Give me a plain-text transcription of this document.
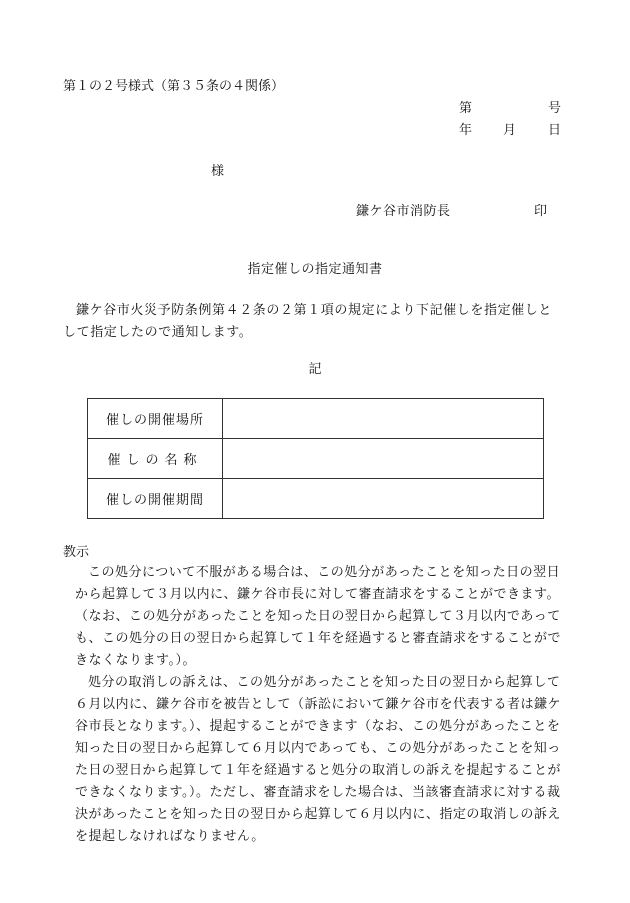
第１の２号様式（第３５条の４関係）
第	号
年 月 日
様
鎌ケ谷市消防長	印
指定催しの指定通知書
鎌ケ谷市火災予防条例第４２条の２第１項の規定により下記催しを指定催しとして指定したので通知します。
記
催しの開催場所	
催しの名称	
催しの開催期間	
教示
この処分について不服がある場合は、この処分があったことを知った日の翌日から起算して３月以内に、鎌ケ谷市長に対して審査請求をすることができます。（なお、この処分があったことを知った日の翌日から起算して３月以内であっても、この処分の日の翌日から起算して１年を経過すると審査請求をすることができなくなります。）。
処分の取消しの訴えは、この処分があったことを知った日の翌日から起算して６月以内に、鎌ケ谷市を被告として（訴訟において鎌ケ谷市を代表する者は鎌ケ谷市長となります。）、提起することができます（なお、この処分があったことを知った日の翌日から起算して６月以内であっても、この処分があったことを知った日の翌日から起算して１年を経過すると処分の取消しの訴えを提起することができなくなります。）。ただし、審査請求をした場合は、当該審査請求に対する裁決があったことを知った日の翌日から起算して６月以内に、指定の取消しの訴えを提起しなければなりません。
